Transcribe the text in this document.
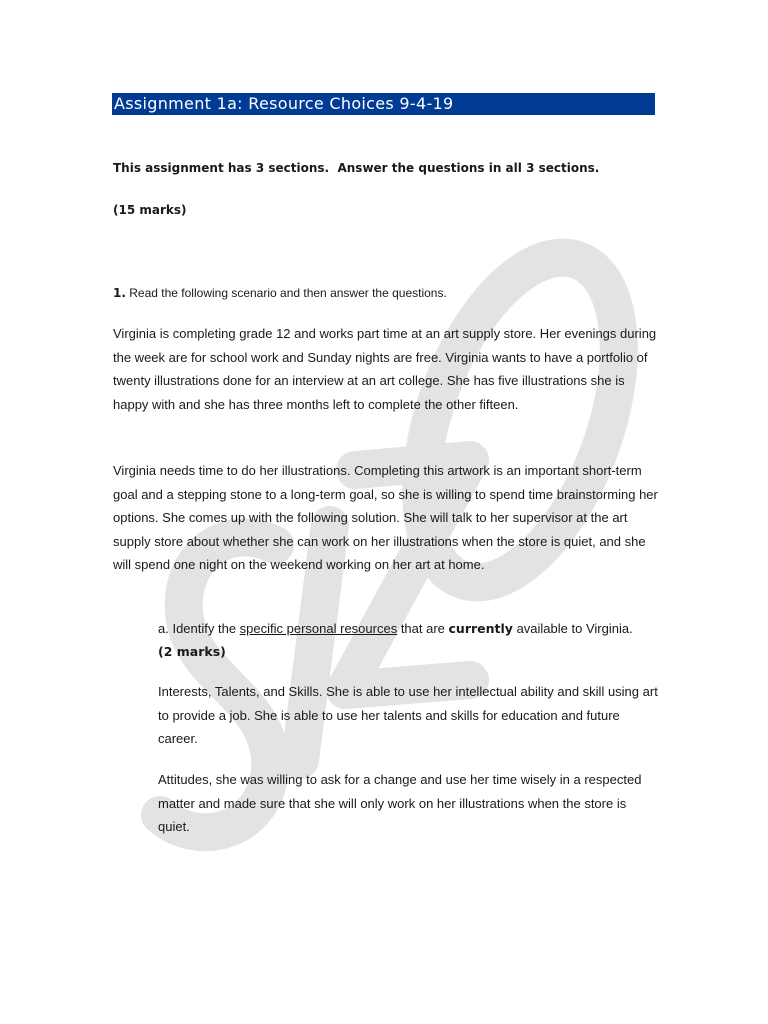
Assignment 1a: Resource Choices 9-4-19
This assignment has 3 sections.  Answer the questions in all 3 sections.
(15 marks)
1. Read the following scenario and then answer the questions.

Virginia is completing grade 12 and works part time at an art supply store. Her evenings during the week are for school work and Sunday nights are free. Virginia wants to have a portfolio of twenty illustrations done for an interview at an art college. She has five illustrations she is happy with and she has three months left to complete the other fifteen.

Virginia needs time to do her illustrations. Completing this artwork is an important short-term goal and a stepping stone to a long-term goal, so she is willing to spend time brainstorming her options. She comes up with the following solution. She will talk to her supervisor at the art supply store about whether she can work on her illustrations when the store is quiet, and she will spend one night on the weekend working on her art at home.

a. Identify the specific personal resources that are currently available to Virginia.
(2 marks)

Interests, Talents, and Skills. She is able to use her intellectual ability and skill using art to provide a job. She is able to use her talents and skills for education and future career.

Attitudes, she was willing to ask for a change and use her time wisely in a respected matter and made sure that she will only work on her illustrations when the store is quiet.
